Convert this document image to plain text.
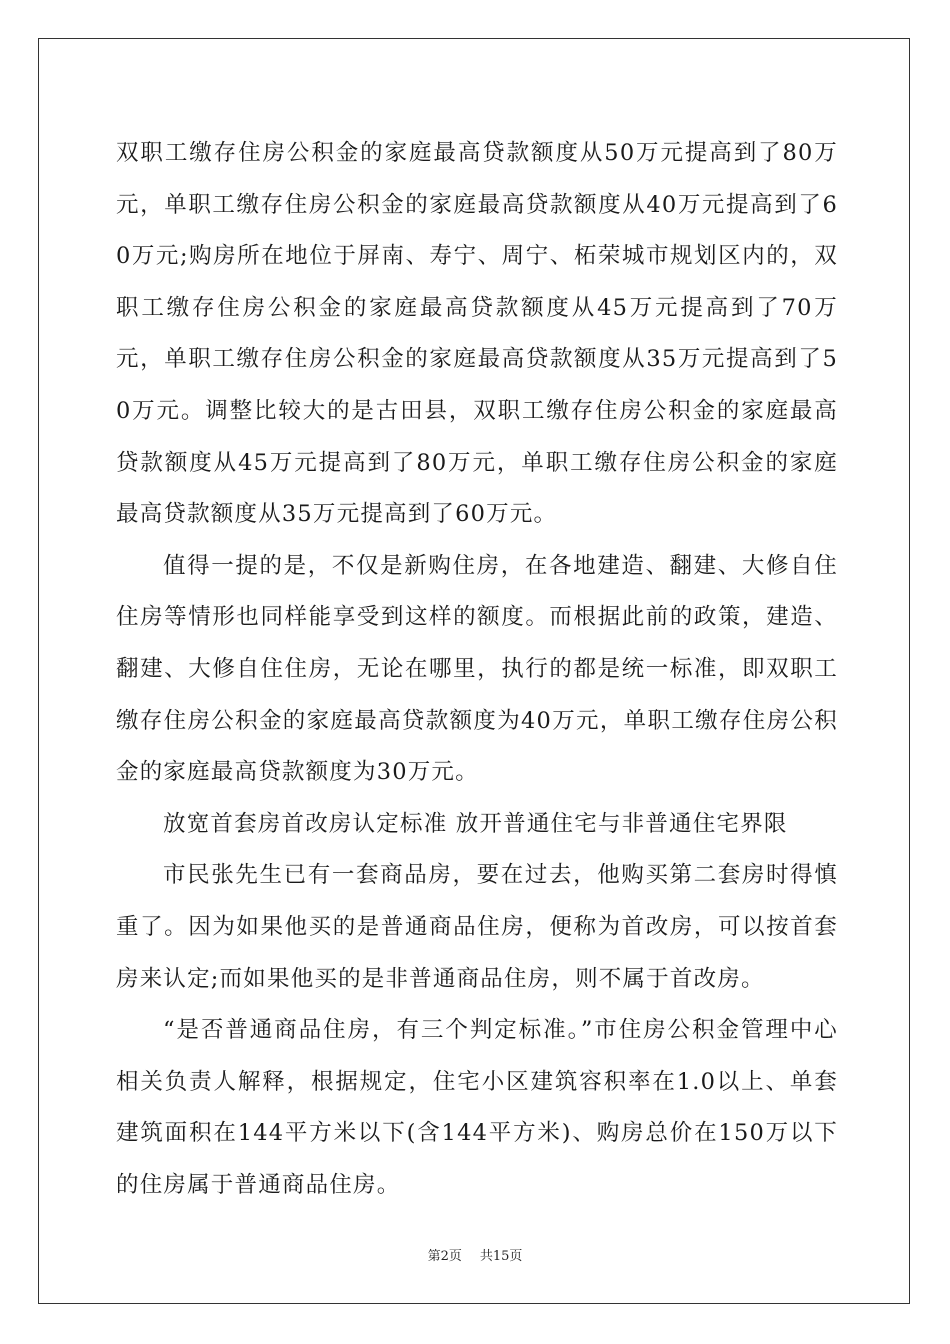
双职工缴存住房公积金的家庭最高贷款额度从50万元提高到了80万元，单职工缴存住房公积金的家庭最高贷款额度从40万元提高到了60万元;购房所在地位于屏南、寿宁、周宁、柘荣城市规划区内的，双职工缴存住房公积金的家庭最高贷款额度从45万元提高到了70万元，单职工缴存住房公积金的家庭最高贷款额度从35万元提高到了50万元。调整比较大的是古田县，双职工缴存住房公积金的家庭最高贷款额度从45万元提高到了80万元，单职工缴存住房公积金的家庭最高贷款额度从35万元提高到了60万元。

值得一提的是，不仅是新购住房，在各地建造、翻建、大修自住住房等情形也同样能享受到这样的额度。而根据此前的政策，建造、翻建、大修自住住房，无论在哪里，执行的都是统一标准，即双职工缴存住房公积金的家庭最高贷款额度为40万元，单职工缴存住房公积金的家庭最高贷款额度为30万元。

放宽首套房首改房认定标准 放开普通住宅与非普通住宅界限

市民张先生已有一套商品房，要在过去，他购买第二套房时得慎重了。因为如果他买的是普通商品住房，便称为首改房，可以按首套房来认定;而如果他买的是非普通商品住房，则不属于首改房。

“是否普通商品住房，有三个判定标准。”市住房公积金管理中心相关负责人解释，根据规定，住宅小区建筑容积率在1.0以上、单套建筑面积在144平方米以下(含144平方米)、购房总价在150万以下的住房属于普通商品住房。

第2页 共15页
